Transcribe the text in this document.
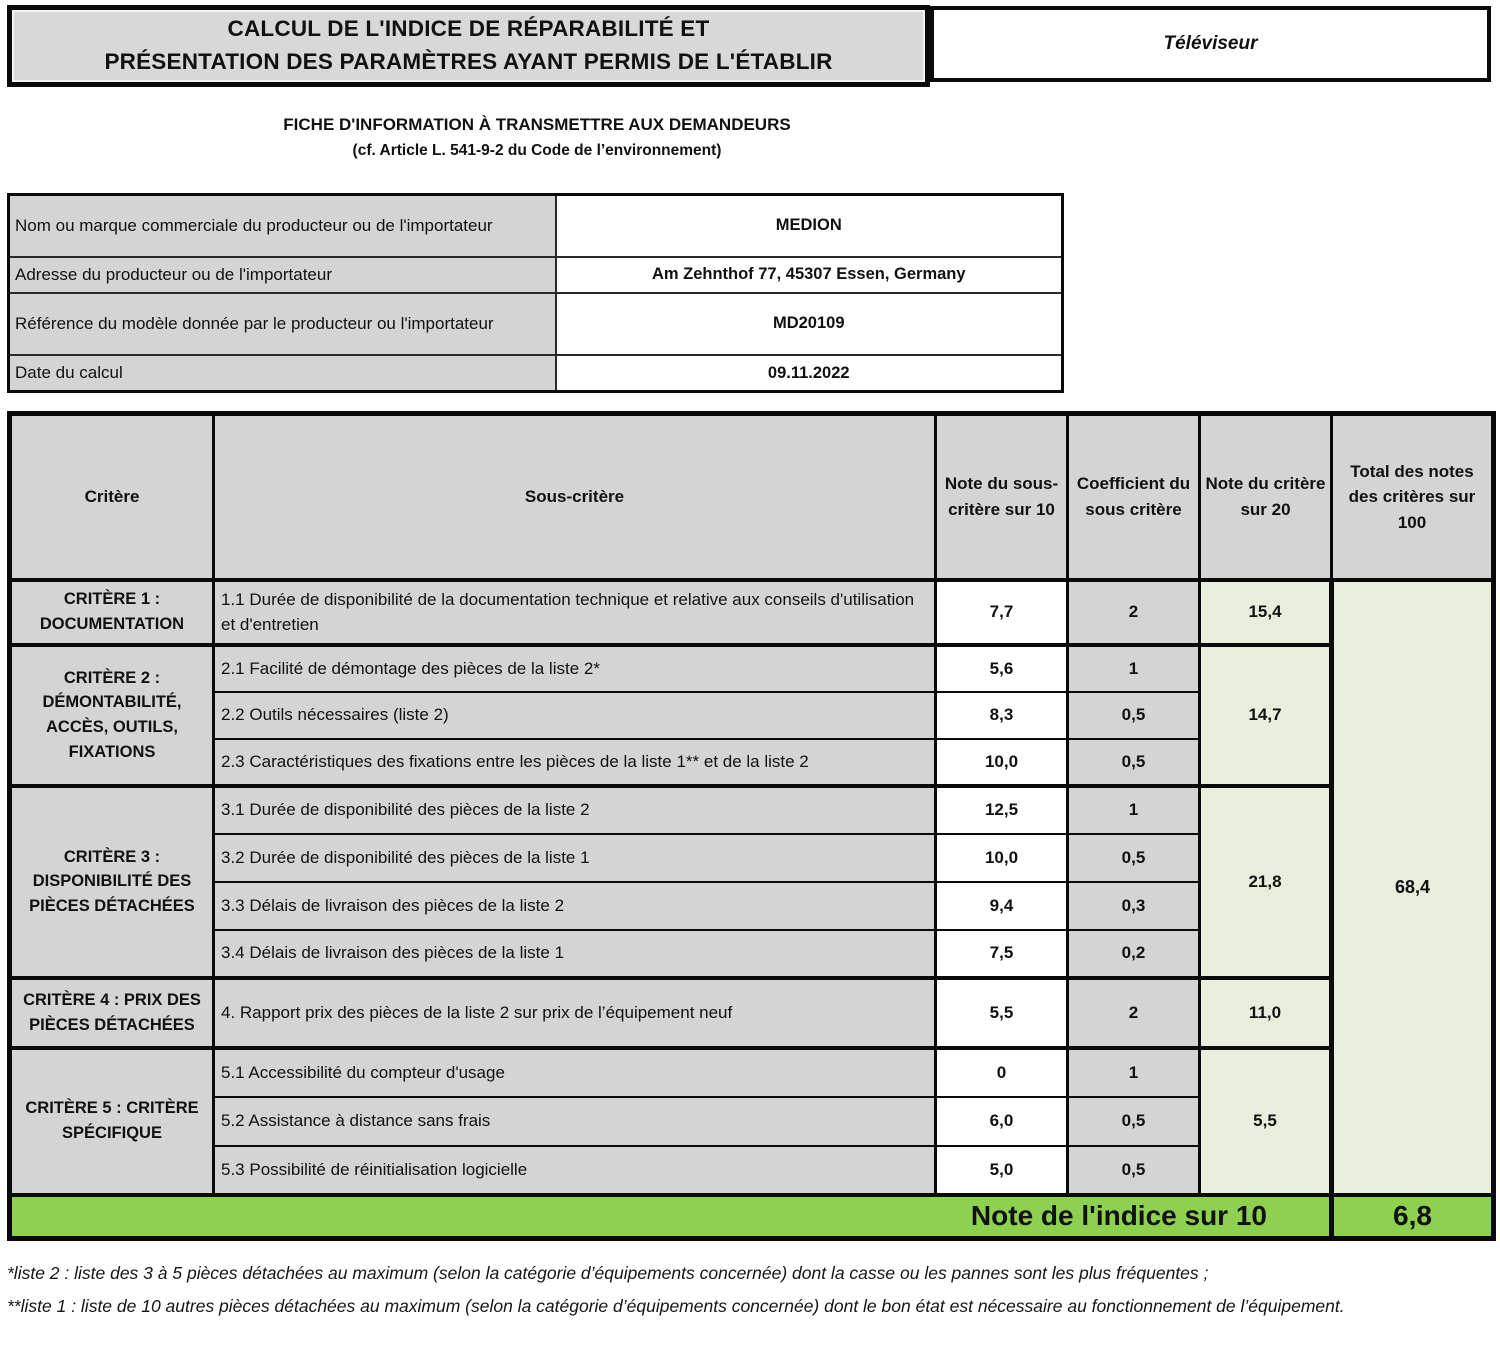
CALCUL DE L'INDICE DE RÉPARABILITÉ ET
PRÉSENTATION DES PARAMÈTRES AYANT PERMIS DE L'ÉTABLIR
Téléviseur
FICHE D'INFORMATION À TRANSMETTRE AUX DEMANDEURS
(cf. Article L. 541-9-2 du Code de l’environnement)
Nom ou marque commerciale du producteur ou de l'importateur	MEDION
Adresse du producteur ou de l'importateur	Am Zehnthof 77, 45307 Essen, Germany
Référence du modèle donnée par le producteur ou l'importateur	MD20109
Date du calcul	09.11.2022
Critère	Sous-critère	Note du sous-critère sur 10	Coefficient du sous critère	Note du critère sur 20	Total des notes des critères sur 100
CRITÈRE 1 : DOCUMENTATION	1.1 Durée de disponibilité de la documentation technique et relative aux conseils d'utilisation et d'entretien	7,7	2	15,4	68,4
CRITÈRE 2 : DÉMONTABILITÉ, ACCÈS, OUTILS, FIXATIONS	2.1 Facilité de démontage des pièces de la liste 2*	5,6	1	14,7	
	2.2 Outils nécessaires (liste 2)	8,3	0,5		
	2.3 Caractéristiques des fixations entre les pièces de la liste 1** et de la liste 2	10,0	0,5		
CRITÈRE 3 : DISPONIBILITÉ DES PIÈCES DÉTACHÉES	3.1 Durée de disponibilité des pièces de la liste 2	12,5	1	21,8	
	3.2 Durée de disponibilité des pièces de la liste 1	10,0	0,5		
	3.3 Délais de livraison des pièces de la liste 2	9,4	0,3		
	3.4 Délais de livraison des pièces de la liste 1	7,5	0,2		
CRITÈRE 4 : PRIX DES PIÈCES DÉTACHÉES	4. Rapport prix des pièces de la liste 2 sur prix de l’équipement neuf	5,5	2	11,0	
CRITÈRE 5 : CRITÈRE SPÉCIFIQUE	5.1 Accessibilité du compteur d'usage	0	1	5,5	
	5.2 Assistance à distance sans frais	6,0	0,5		
	5.3 Possibilité de réinitialisation logicielle	5,0	0,5		
Note de l'indice sur 10					6,8

*liste 2 : liste des 3 à 5 pièces détachées au maximum (selon la catégorie d’équipements concernée) dont la casse ou les pannes sont les plus fréquentes ;

**liste 1 : liste de 10 autres pièces détachées au maximum (selon la catégorie d’équipements concernée) dont le bon état est nécessaire au fonctionnement de l’équipement.
